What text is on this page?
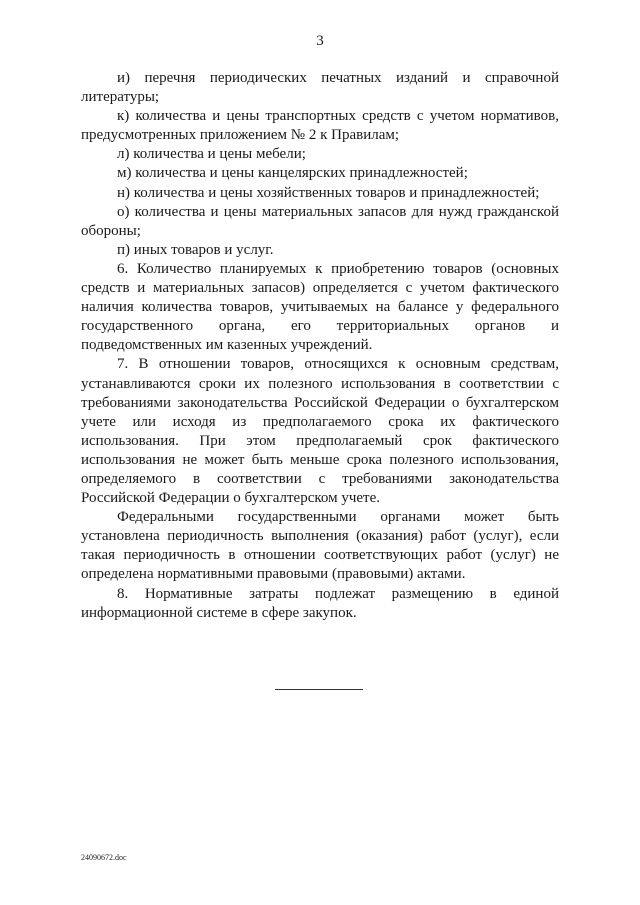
3

и) перечня периодических печатных изданий и справочной литературы;

к) количества и цены транспортных средств с учетом нормативов, предусмотренных приложением № 2 к Правилам;

л) количества и цены мебели;

м) количества и цены канцелярских принадлежностей;

н) количества и цены хозяйственных товаров и принадлежностей;

о) количества и цены материальных запасов для нужд гражданской обороны;

п) иных товаров и услуг.

6. Количество планируемых к приобретению товаров (основных средств и материальных запасов) определяется с учетом фактического наличия количества товаров, учитываемых на балансе у федерального государственного органа, его территориальных органов и подведомственных им казенных учреждений.

7. В отношении товаров, относящихся к основным средствам, устанавливаются сроки их полезного использования в соответствии с требованиями законодательства Российской Федерации о бухгалтерском учете или исходя из предполагаемого срока их фактического использования. При этом предполагаемый срок фактического использования не может быть меньше срока полезного использования, определяемого в соответствии с требованиями законодательства Российской Федерации о бухгалтерском учете.

Федеральными государственными органами может быть установлена периодичность выполнения (оказания) работ (услуг), если такая периодичность в отношении соответствующих работ (услуг) не определена нормативными правовыми (правовыми) актами.

8. Нормативные затраты подлежат размещению в единой информационной системе в сфере закупок.

24090672.doc
